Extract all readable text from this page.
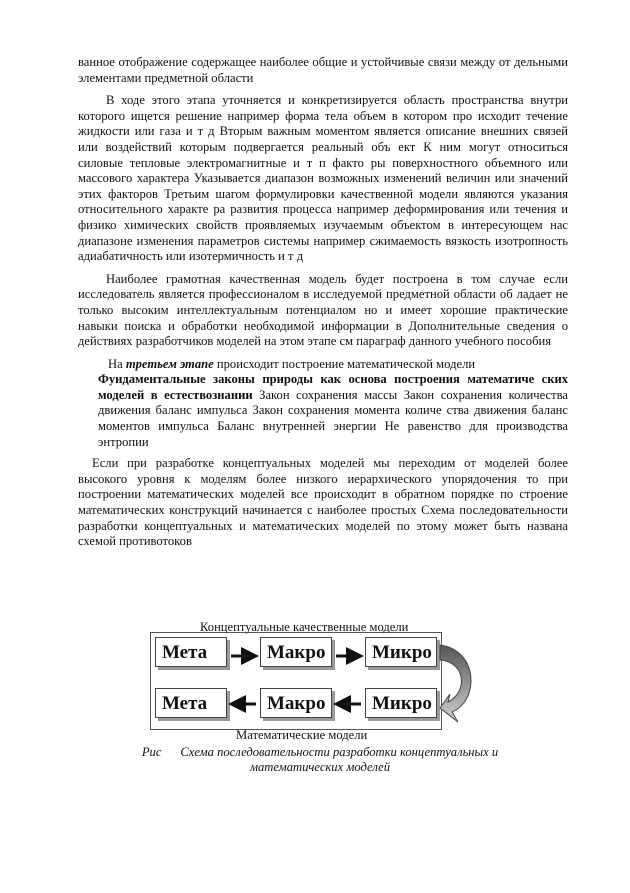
ванное отображение содержащее наиболее общие и устойчивые связи между от дельными элементами предметной области

В ходе этого этапа уточняется и конкретизируется область пространства внутри которого ищется решение например форма тела объем в котором про исходит течение жидкости или газа и т д Вторым важным моментом является описание внешних связей или воздействий которым подвергается реальный объ ект К ним могут относиться силовые тепловые электромагнитные и т п факто ры поверхностного объемного или массового характера Указывается диапазон возможных изменений величин или значений этих факторов Третьим шагом формулировки качественной модели являются указания относительного характе ра развития процесса например деформирования или течения и физико химических свойств проявляемых изучаемым объектом в интересующем нас диапазоне изменения параметров системы например сжимаемость вязкость изотропность адиабатичность или изотермичность и т д

Наиболее грамотная качественная модель будет построена в том случае если исследователь является профессионалом в исследуемой предметной области об ладает не только высоким интеллектуальным потенциалом но и имеет хорошие практические навыки поиска и обработки необходимой информации в Дополнительные сведения о действиях разработчиков моделей на этом этапе см параграф данного учебного пособия

На третьем этапе происходит построение математической модели
Фундаментальные законы природы как основа построения математиче ских моделей в естествознании Закон сохранения массы Закон сохранения количества движения баланс импульса Закон сохранения момента количе ства движения баланс моментов импульса Баланс внутренней энергии Не равенство для производства энтропии

Если при разработке концептуальных моделей мы переходим от моделей более высокого уровня к моделям более низкого иерархического упорядочения то при построении математических моделей все происходит в обратном порядке по строение математических конструкций начинается с наиболее простых Схема последовательности разработки концептуальных и математических моделей по этому может быть названа схемой противотоков

Концептуальные качественные модели
Мета	Макро	Микро
Мета	Макро	Микро
Математические модели
Рис Схема последовательности разработки концептуальных и математических моделей
